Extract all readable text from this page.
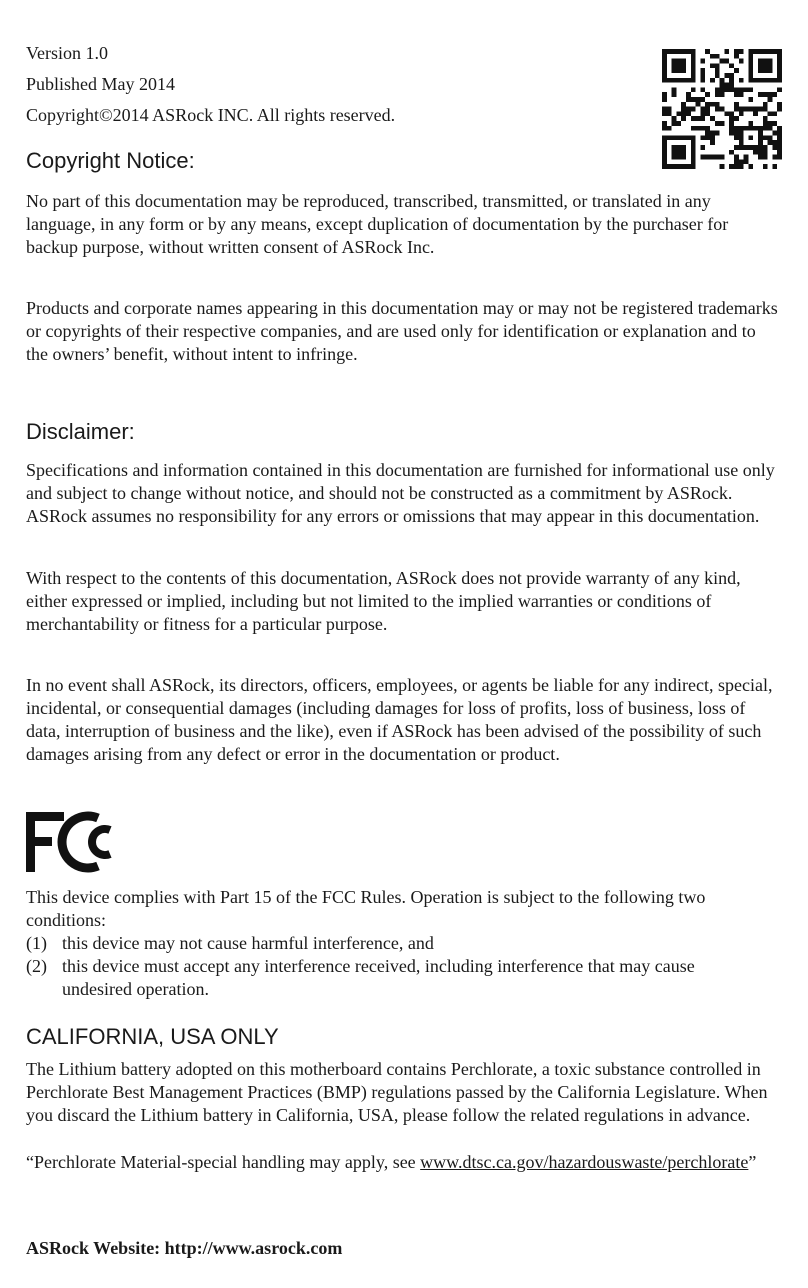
Version 1.0

Published May 2014

Copyright©2014 ASRock INC. All rights reserved.

Copyright Notice:

No part of this documentation may be reproduced, transcribed, transmitted, or translated in any language, in any form or by any means, except duplication of documentation by the purchaser for backup purpose, without written consent of ASRock Inc.

Products and corporate names appearing in this documentation may or may not be registered trademarks or copyrights of their respective companies, and are used only for identification or explanation and to the owners’ benefit, without intent to infringe.

Disclaimer:

Specifications and information contained in this documentation are furnished for informational use only and subject to change without notice, and should not be constructed as a commitment by ASRock. ASRock assumes no responsibility for any errors or omissions that may appear in this documentation.

With respect to the contents of this documentation, ASRock does not provide warranty of any kind, either expressed or implied, including but not limited to the implied warranties or conditions of merchantability or fitness for a particular purpose.

In no event shall ASRock, its directors, officers, employees, or agents be liable for any indirect, special, incidental, or consequential damages (including damages for loss of profits, loss of business, loss of data, interruption of business and the like), even if ASRock has been advised of the possibility of such damages arising from any defect or error in the documentation or product.

This device complies with Part 15 of the FCC Rules. Operation is subject to the following two conditions:

(1) this device may not cause harmful interference, and
(2) this device must accept any interference received, including interference that may cause undesired operation.
CALIFORNIA, USA ONLY

The Lithium battery adopted on this motherboard contains Perchlorate, a toxic substance controlled in Perchlorate Best Management Practices (BMP) regulations passed by the California Legislature. When you discard the Lithium battery in California, USA, please follow the related regulations in advance.

“Perchlorate Material-special handling may apply, see www.dtsc.ca.gov/hazardouswaste/perchlorate”

ASRock Website: http://www.asrock.com
